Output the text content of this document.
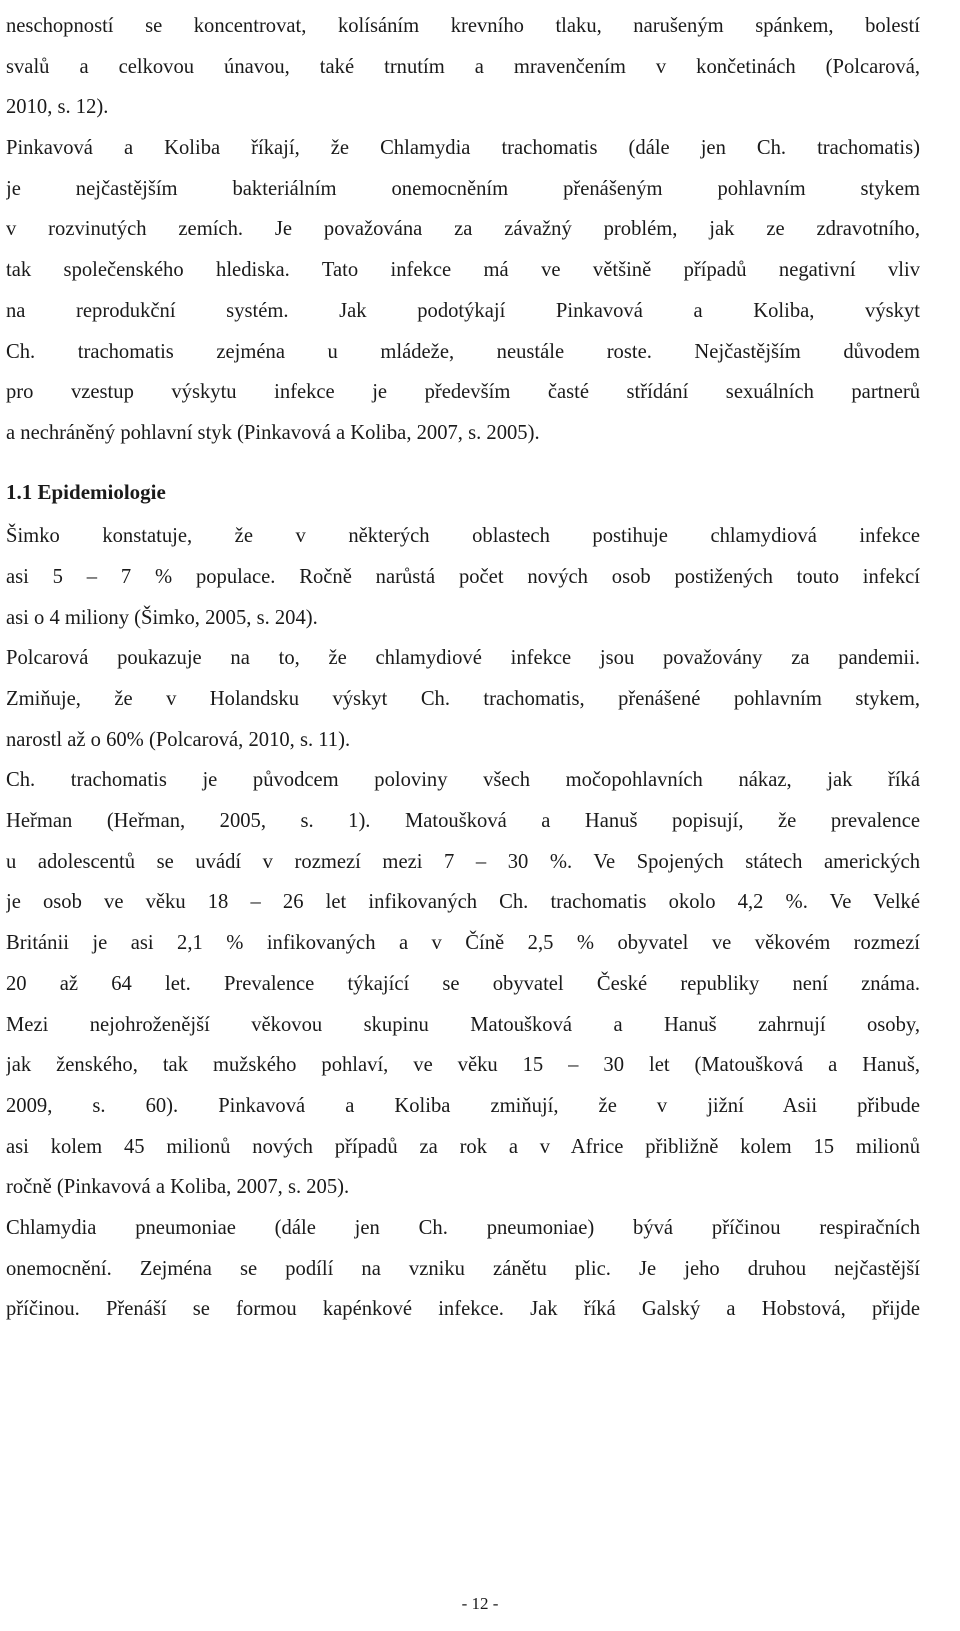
neschopností se koncentrovat, kolísáním krevního tlaku, narušeným spánkem, bolestí
svalů a celkovou únavou, také trnutím a mravenčením v končetinách (Polcarová,
2010, s. 12).
Pinkavová a Koliba říkají, že Chlamydia trachomatis (dále jen Ch. trachomatis)
je nejčastějším bakteriálním onemocněním přenášeným pohlavním stykem
v rozvinutých zemích. Je považována za závažný problém, jak ze zdravotního,
tak společenského hlediska. Tato infekce má ve většině případů negativní vliv
na reprodukční systém. Jak podotýkají Pinkavová a Koliba, výskyt
Ch. trachomatis zejména u mládeže, neustále roste. Nejčastějším důvodem
pro vzestup výskytu infekce je především časté střídání sexuálních partnerů
a nechráněný pohlavní styk (Pinkavová a Koliba, 2007, s. 2005).
1.1 Epidemiologie
Šimko konstatuje, že v některých oblastech postihuje chlamydiová infekce
asi 5 – 7 % populace. Ročně narůstá počet nových osob postižených touto infekcí
asi o 4 miliony (Šimko, 2005, s. 204).
Polcarová poukazuje na to, že chlamydiové infekce jsou považovány za pandemii.
Zmiňuje, že v Holandsku výskyt Ch. trachomatis, přenášené pohlavním stykem,
narostl až o 60% (Polcarová, 2010, s. 11).
Ch. trachomatis je původcem poloviny všech močopohlavních nákaz, jak říká
Heřman (Heřman, 2005, s. 1). Matoušková a Hanuš popisují, že prevalence
u adolescentů se uvádí v rozmezí mezi 7 – 30 %. Ve Spojených státech amerických
je osob ve věku 18 – 26 let infikovaných Ch. trachomatis okolo 4,2 %. Ve Velké
Británii je asi 2,1 % infikovaných a v Číně 2,5 % obyvatel ve věkovém rozmezí
20 až 64 let. Prevalence týkající se obyvatel České republiky není známa.
Mezi nejohroženější věkovou skupinu Matoušková a Hanuš zahrnují osoby,
jak ženského, tak mužského pohlaví, ve věku 15 – 30 let (Matoušková a Hanuš,
2009, s. 60). Pinkavová a Koliba zmiňují, že v jižní Asii přibude
asi kolem 45 milionů nových případů za rok a v Africe přibližně kolem 15 milionů
ročně (Pinkavová a Koliba, 2007, s. 205).
Chlamydia pneumoniae (dále jen Ch. pneumoniae) bývá příčinou respiračních
onemocnění. Zejména se podílí na vzniku zánětu plic. Je jeho druhou nejčastější
příčinou. Přenáší se formou kapénkové infekce. Jak říká Galský a Hobstová, přijde
- 12 -
